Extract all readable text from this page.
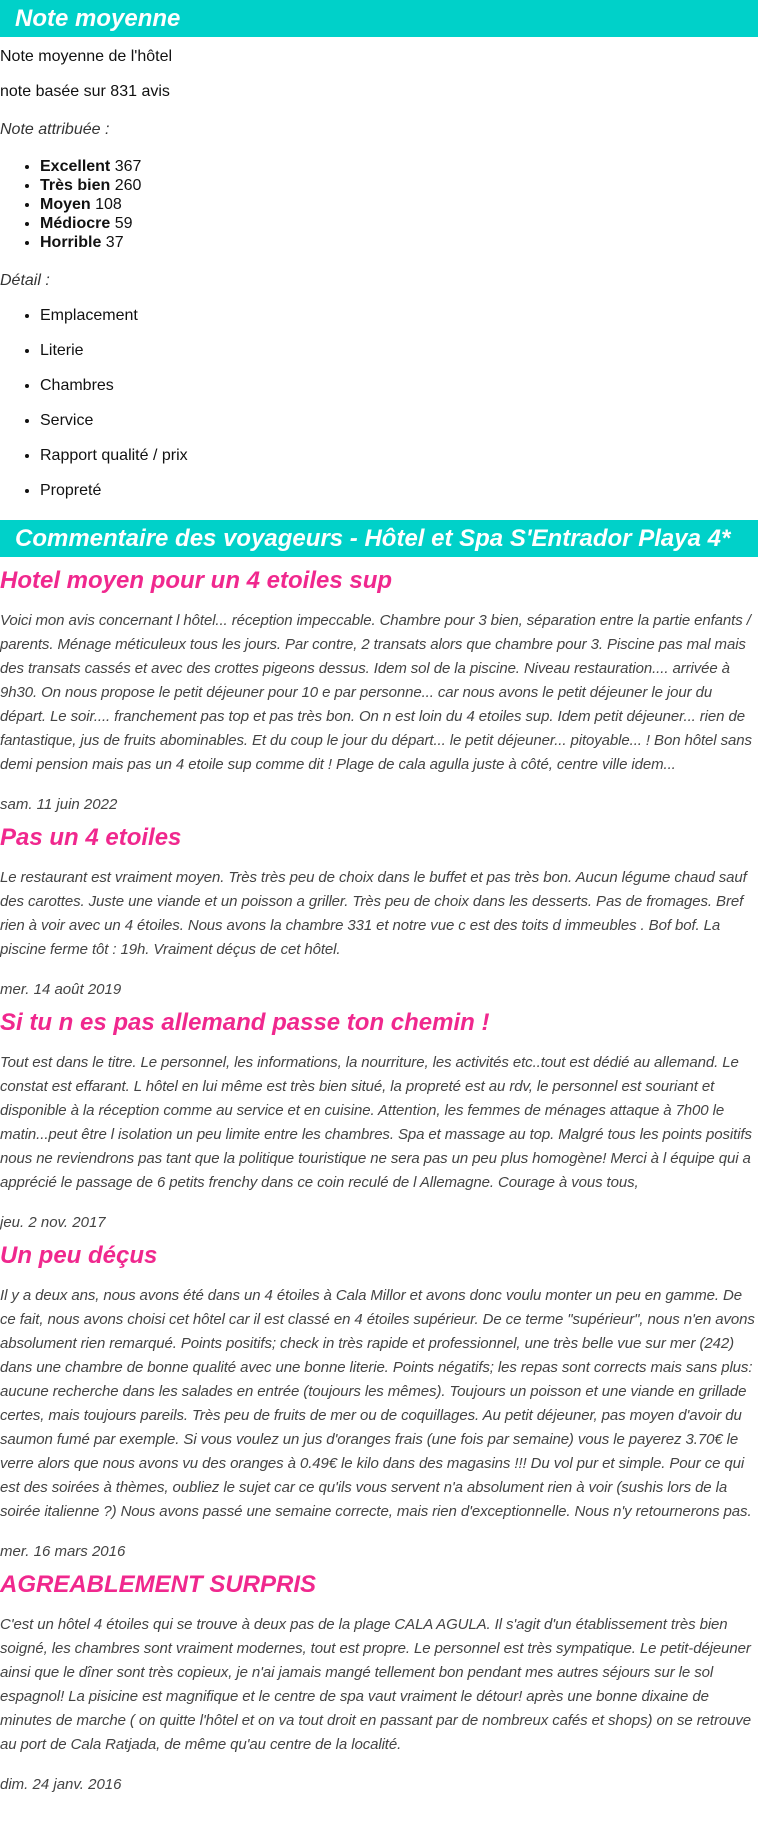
Note moyenne

Note moyenne de l'hôtel

note basée sur 831 avis

Note attribuée :

• Excellent 367
• Très bien 260
• Moyen 108
• Médiocre 59
• Horrible 37

Détail :

• Emplacement
• Literie
• Chambres
• Service
• Rapport qualité / prix
• Propreté
Commentaire des voyageurs - Hôtel et Spa S'Entrador Playa 4*
Hotel moyen pour un 4 etoiles sup

Voici mon avis concernant l hôtel... réception impeccable. Chambre pour 3 bien, séparation entre la partie enfants / parents. Ménage méticuleux tous les jours. Par contre, 2 transats alors que chambre pour 3. Piscine pas mal mais des transats cassés et avec des crottes pigeons dessus. Idem sol de la piscine. Niveau restauration.... arrivée à 9h30. On nous propose le petit déjeuner pour 10 e par personne... car nous avons le petit déjeuner le jour du départ. Le soir.... franchement pas top et pas très bon. On n est loin du 4 etoiles sup. Idem petit déjeuner... rien de fantastique, jus de fruits abominables. Et du coup le jour du départ... le petit déjeuner... pitoyable... ! Bon hôtel sans demi pension mais pas un 4 etoile sup comme dit ! Plage de cala agulla juste à côté, centre ville idem...

sam. 11 juin 2022

Pas un 4 etoiles

Le restaurant est vraiment moyen. Très très peu de choix dans le buffet et pas très bon. Aucun légume chaud sauf des carottes. Juste une viande et un poisson a griller. Très peu de choix dans les desserts. Pas de fromages. Bref rien à voir avec un 4 étoiles. Nous avons la chambre 331 et notre vue c est des toits d immeubles . Bof bof. La piscine ferme tôt : 19h. Vraiment déçus de cet hôtel.

mer. 14 août 2019

Si tu n es pas allemand passe ton chemin !

Tout est dans le titre. Le personnel, les informations, la nourriture, les activités etc..tout est dédié au allemand. Le constat est effarant. L hôtel en lui même est très bien situé, la propreté est au rdv, le personnel est souriant et disponible à la réception comme au service et en cuisine. Attention, les femmes de ménages attaque à 7h00 le matin...peut être l isolation un peu limite entre les chambres. Spa et massage au top. Malgré tous les points positifs nous ne reviendrons pas tant que la politique touristique ne sera pas un peu plus homogène! Merci à l équipe qui a apprécié le passage de 6 petits frenchy dans ce coin reculé de l Allemagne. Courage à vous tous,

jeu. 2 nov. 2017

Un peu déçus

Il y a deux ans, nous avons été dans un 4 étoiles à Cala Millor et avons donc voulu monter un peu en gamme. De ce fait, nous avons choisi cet hôtel car il est classé en 4 étoiles supérieur. De ce terme "supérieur", nous n'en avons absolument rien remarqué. Points positifs; check in très rapide et professionnel, une très belle vue sur mer (242) dans une chambre de bonne qualité avec une bonne literie. Points négatifs; les repas sont corrects mais sans plus: aucune recherche dans les salades en entrée (toujours les mêmes). Toujours un poisson et une viande en grillade certes, mais toujours pareils. Très peu de fruits de mer ou de coquillages. Au petit déjeuner, pas moyen d'avoir du saumon fumé par exemple. Si vous voulez un jus d'oranges frais (une fois par semaine) vous le payerez 3.70€ le verre alors que nous avons vu des oranges à 0.49€ le kilo dans des magasins !!! Du vol pur et simple. Pour ce qui est des soirées à thèmes, oubliez le sujet car ce qu'ils vous servent n'a absolument rien à voir (sushis lors de la soirée italienne ?) Nous avons passé une semaine correcte, mais rien d'exceptionnelle. Nous n'y retournerons pas.

mer. 16 mars 2016

AGREABLEMENT SURPRIS

C'est un hôtel 4 étoiles qui se trouve à deux pas de la plage CALA AGULA. Il s'agit d'un établissement très bien soigné, les chambres sont vraiment modernes, tout est propre. Le personnel est très sympatique. Le petit-déjeuner ainsi que le dîner sont très copieux, je n'ai jamais mangé tellement bon pendant mes autres séjours sur le sol espagnol! La pisicine est magnifique et le centre de spa vaut vraiment le détour! après une bonne dixaine de minutes de marche ( on quitte l'hôtel et on va tout droit en passant par de nombreux cafés et shops) on se retrouve au port de Cala Ratjada, de même qu'au centre de la localité.

dim. 24 janv. 2016
